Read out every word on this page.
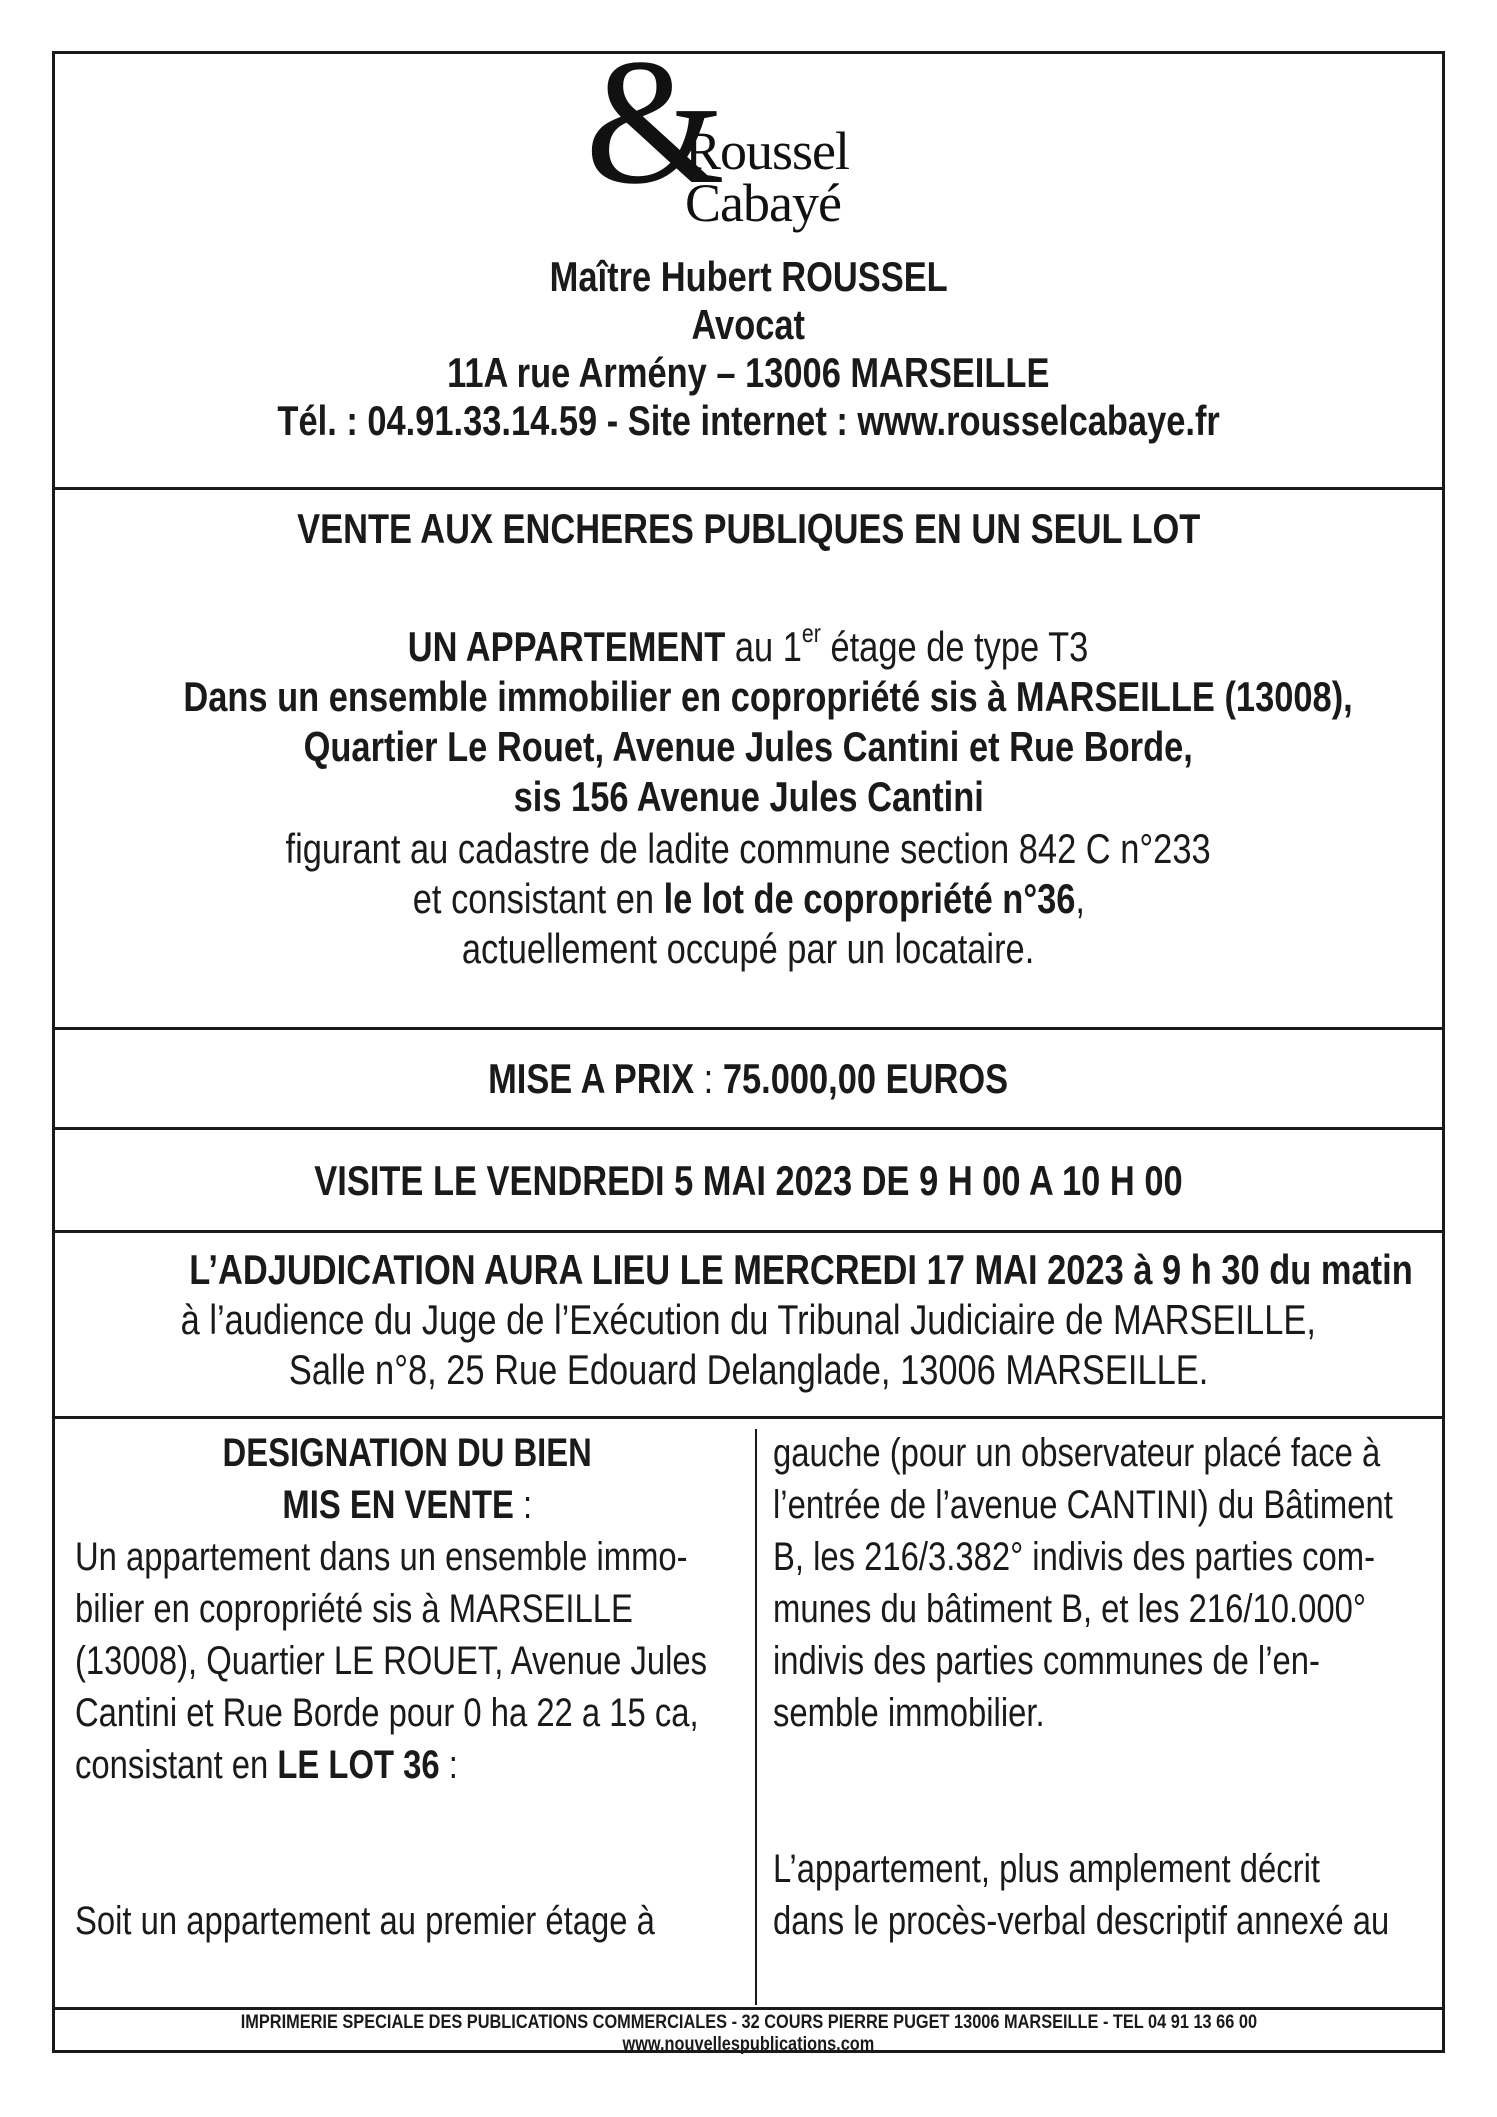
&
Roussel
Cabayé
Maître Hubert ROUSSEL
Avocat
11A rue Armény – 13006 MARSEILLE
Tél. : 04.91.33.14.59 - Site internet : www.rousselcabaye.fr
VENTE AUX ENCHERES PUBLIQUES EN UN SEUL LOT
UN APPARTEMENT au 1er étage de type T3
Dans un ensemble immobilier en copropriété sis à MARSEILLE (13008),
Quartier Le Rouet, Avenue Jules Cantini et Rue Borde,
sis 156 Avenue Jules Cantini
figurant au cadastre de ladite commune section 842 C n°233
et consistant en le lot de copropriété n°36,
actuellement occupé par un locataire.
MISE A PRIX : 75.000,00 EUROS
VISITE LE VENDREDI 5 MAI 2023 DE 9 H 00 A 10 H 00
L’ADJUDICATION AURA LIEU LE MERCREDI 17 MAI 2023 à 9 h 30 du matin
à l’audience du Juge de l’Exécution du Tribunal Judiciaire de MARSEILLE,
Salle n°8, 25 Rue Edouard Delanglade, 13006 MARSEILLE.
DESIGNATION DU BIEN
MIS EN VENTE :
Un appartement dans un ensemble immo-
bilier en copropriété sis à MARSEILLE
(13008), Quartier LE ROUET, Avenue Jules
Cantini et Rue Borde pour 0 ha 22 a 15 ca,
consistant en LE LOT 36 :
Soit un appartement au premier étage à
gauche (pour un observateur placé face à
l’entrée de l’avenue CANTINI) du Bâtiment
B, les 216/3.382° indivis des parties com-
munes du bâtiment B, et les 216/10.000°
indivis des parties communes de l’en-
semble immobilier.
L’appartement, plus amplement décrit
dans le procès-verbal descriptif annexé au
IMPRIMERIE SPECIALE DES PUBLICATIONS COMMERCIALES - 32 COURS PIERRE PUGET 13006 MARSEILLE - TEL 04 91 13 66 00
www.nouvellespublications.com
